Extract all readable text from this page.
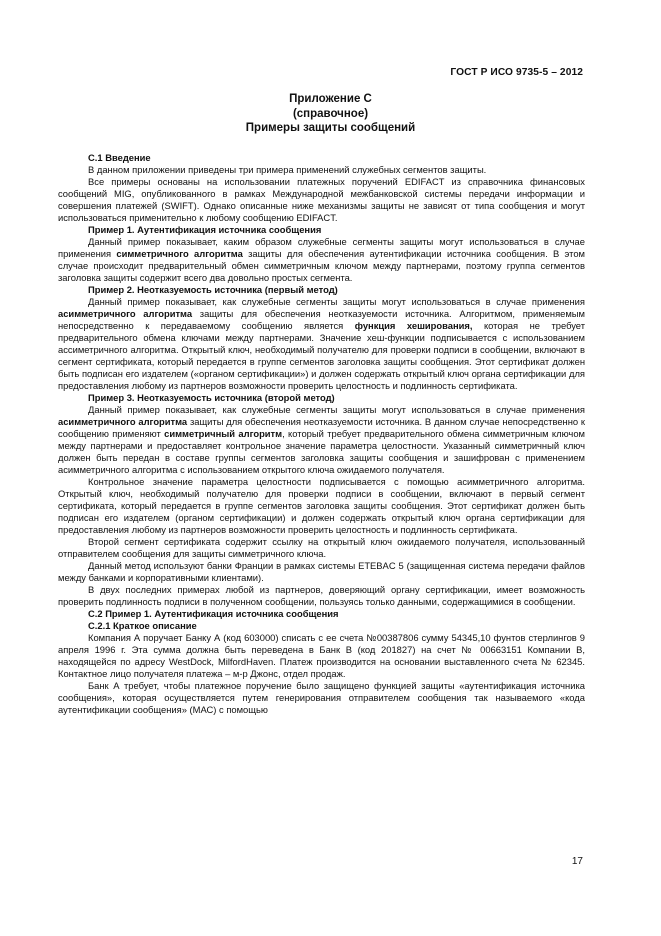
ГОСТ Р ИСО 9735-5 – 2012
Приложение С
(справочное)
Примеры защиты сообщений
С.1 Введение

В данном приложении приведены три примера применений служебных сегментов защиты.

Все примеры основаны на использовании платежных поручений EDIFACT из справочника финансовых сообщений MIG, опубликованного в рамках Международной межбанковской системы передачи информации и совершения платежей (SWIFT). Однако описанные ниже механизмы защиты не зависят от типа сообщения и могут использоваться применительно к любому сообщению EDIFACT.

Пример 1. Аутентификация источника сообщения

Данный пример показывает, каким образом служебные сегменты защиты могут использоваться в случае применения симметричного алгоритма защиты для обеспечения аутентификации источника сообщения. В этом случае происходит предварительный обмен симметричным ключом между партнерами, поэтому группа сегментов заголовка защиты содержит всего два довольно простых сегмента.

Пример 2. Неотказуемость источника (первый метод)

Данный пример показывает, как служебные сегменты защиты могут использоваться в случае применения асимметричного алгоритма защиты для обеспечения неотказуемости источника. Алгоритмом, применяемым непосредственно к передаваемому сообщению является функция хеширования, которая не требует предварительного обмена ключами между партнерами. Значение хеш-функции подписывается с использованием ассиметричного алгоритма. Открытый ключ, необходимый получателю для проверки подписи в сообщении, включают в сегмент сертификата, который передается в группе сегментов заголовка защиты сообщения. Этот сертификат должен быть подписан его издателем («органом сертификации») и должен содержать открытый ключ органа сертификации для предоставления любому из партнеров возможности проверить целостность и подлинность сертификата.

Пример 3. Неотказуемость источника (второй метод)

Данный пример показывает, как служебные сегменты защиты могут использоваться в случае применения асимметричного алгоритма защиты для обеспечения неотказуемости источника. В данном случае непосредственно к сообщению применяют симметричный алгоритм, который требует предварительного обмена симметричным ключом между партнерами и предоставляет контрольное значение параметра целостности. Указанный симметричный ключ должен быть передан в составе группы сегментов заголовка защиты сообщения и зашифрован с применением асимметричного алгоритма с использованием открытого ключа ожидаемого получателя.

Контрольное значение параметра целостности подписывается с помощью асимметричного алгоритма. Открытый ключ, необходимый получателю для проверки подписи в сообщении, включают в первый сегмент сертификата, который передается в группе сегментов заголовка защиты сообщения. Этот сертификат должен быть подписан его издателем (органом сертификации) и должен содержать открытый ключ органа сертификации для предоставления любому из партнеров возможности проверить целостность и подлинность сертификата.

Второй сегмент сертификата содержит ссылку на открытый ключ ожидаемого получателя, использованный отправителем сообщения для защиты симметричного ключа.

Данный метод используют банки Франции в рамках системы ETEBAC 5 (защищенная система передачи файлов между банками и корпоративными клиентами).

В двух последних примерах любой из партнеров, доверяющий органу сертификации, имеет возможность проверить подлинность подписи в полученном сообщении, пользуясь только данными, содержащимися в сообщении.

С.2 Пример 1. Аутентификация источника сообщения
С.2.1 Краткое описание

Компания А поручает Банку А (код 603000) списать с ее счета №00387806 сумму 54345,10 фунтов стерлингов 9 апреля 1996 г. Эта сумма должна быть переведена в Банк В (код 201827) на счет № 00663151 Компании В, находящейся по адресу WestDock, MilfordHaven. Платеж производится на основании выставленного счета № 62345. Контактное лицо получателя платежа – м-р Джонс, отдел продаж.

Банк А требует, чтобы платежное поручение было защищено функцией защиты «аутентификация источника сообщения», которая осуществляется путем генерирования отправителем сообщения так называемого «кода аутентификации сообщения» (МАС) с помощью

17
